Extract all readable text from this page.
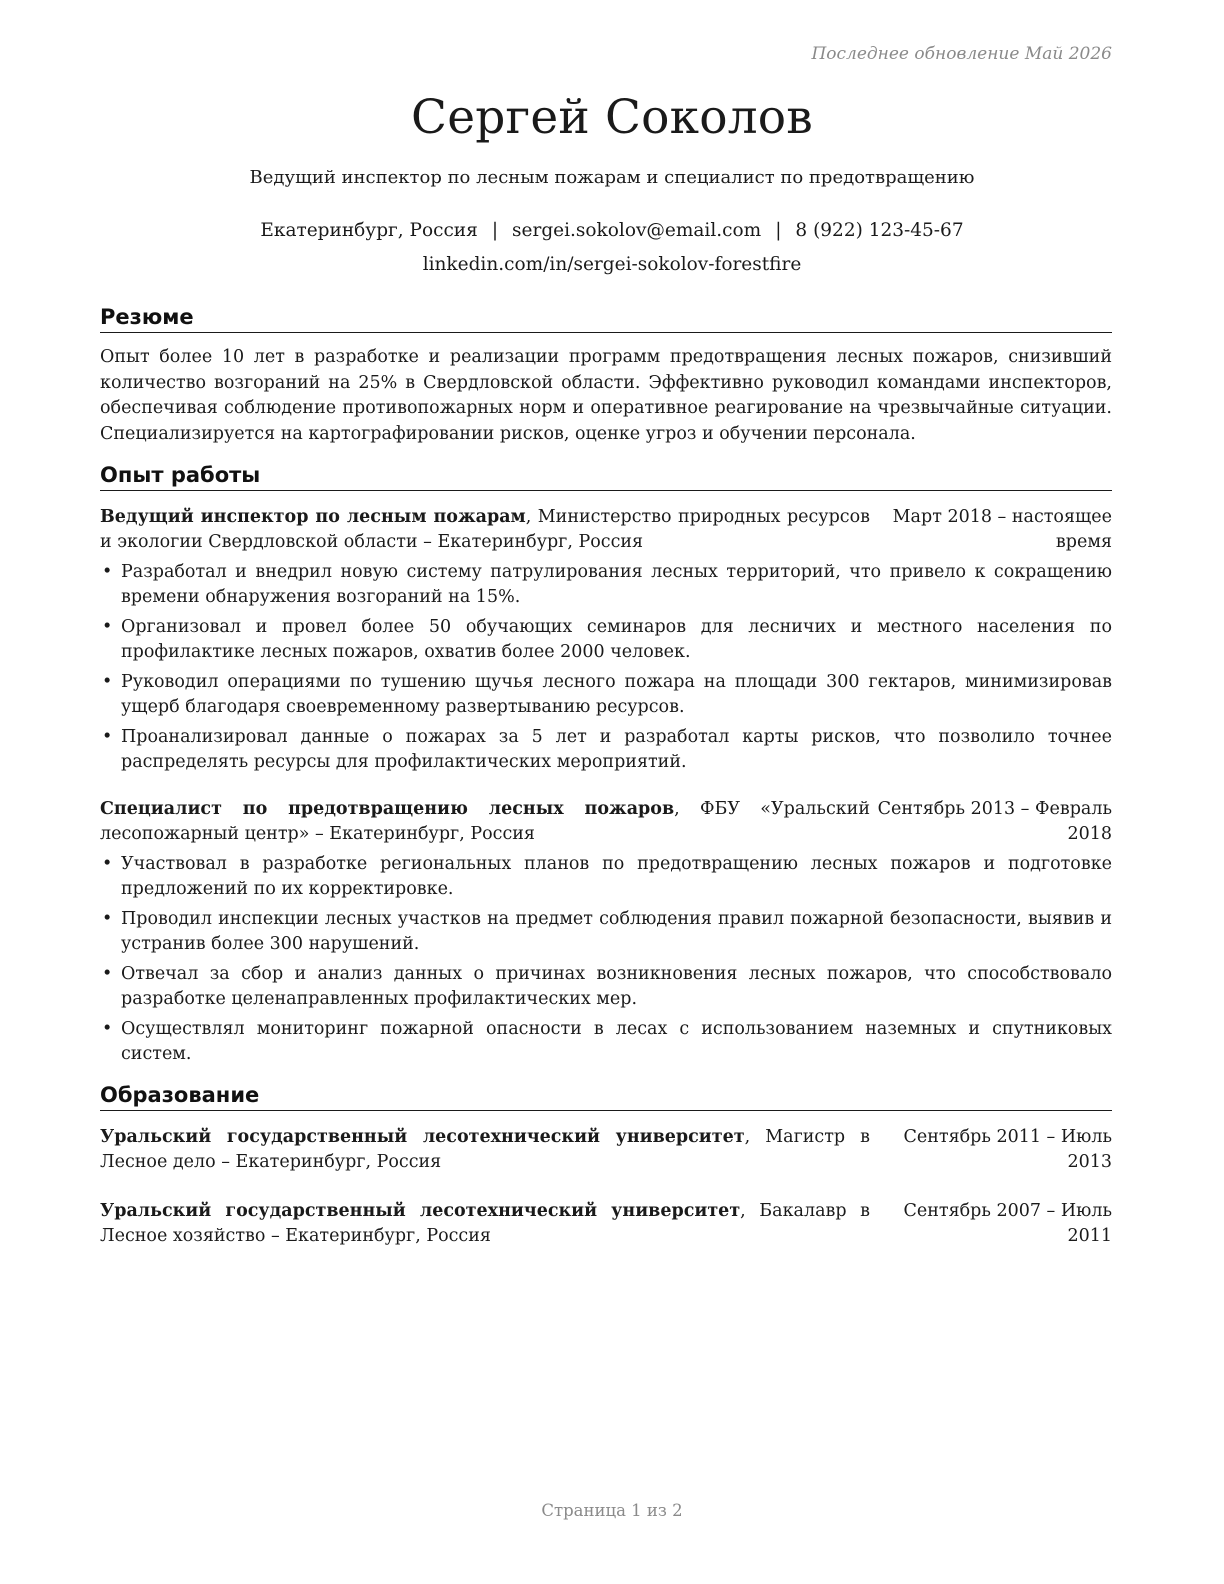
Последнее обновление Май 2026
Сергей Соколов
Ведущий инспектор по лесным пожарам и специалист по предотвращению
Екатеринбург, Россия | sergei.sokolov@email.com | 8 (922) 123-45-67
linkedin.com/in/sergei-sokolov-forestfire
Резюме

Опыт более 10 лет в разработке и реализации программ предотвращения лесных пожаров, снизивший количество возгораний на 25% в Свердловской области. Эффективно руководил командами инспекторов, обеспечивая соблюдение противопожарных норм и оперативное реагирование на чрезвычайные ситуации. Специализируется на картографировании рисков, оценке угроз и обучении персонала.

Опыт работы
Ведущий инспектор по лесным пожарам, Министерство природных ресурсов и экологии Свердловской области – Екатеринбург, Россия
Март 2018 – настоящее время
• Разработал и внедрил новую систему патрулирования лесных территорий, что привело к сокращению времени обнаружения возгораний на 15%.
• Организовал и провел более 50 обучающих семинаров для лесничих и местного населения по профилактике лесных пожаров, охватив более 2000 человек.
• Руководил операциями по тушению щучья лесного пожара на площади 300 гектаров, минимизировав ущерб благодаря своевременному развертыванию ресурсов.
• Проанализировал данные о пожарах за 5 лет и разработал карты рисков, что позволило точнее распределять ресурсы для профилактических мероприятий.
Специалист по предотвращению лесных пожаров, ФБУ «Уральский лесопожарный центр» – Екатеринбург, Россия
Сентябрь 2013 – Февраль 2018
• Участвовал в разработке региональных планов по предотвращению лесных пожаров и подготовке предложений по их корректировке.
• Проводил инспекции лесных участков на предмет соблюдения правил пожарной безопасности, выявив и устранив более 300 нарушений.
• Отвечал за сбор и анализ данных о причинах возникновения лесных пожаров, что способствовало разработке целенаправленных профилактических мер.
• Осуществлял мониторинг пожарной опасности в лесах с использованием наземных и спутниковых систем.
Образование
Уральский государственный лесотехнический университет, Магистр в Лесное дело – Екатеринбург, Россия
Сентябрь 2011 – Июль 2013
Уральский государственный лесотехнический университет, Бакалавр в Лесное хозяйство – Екатеринбург, Россия
Сентябрь 2007 – Июль 2011
Страница 1 из 2
